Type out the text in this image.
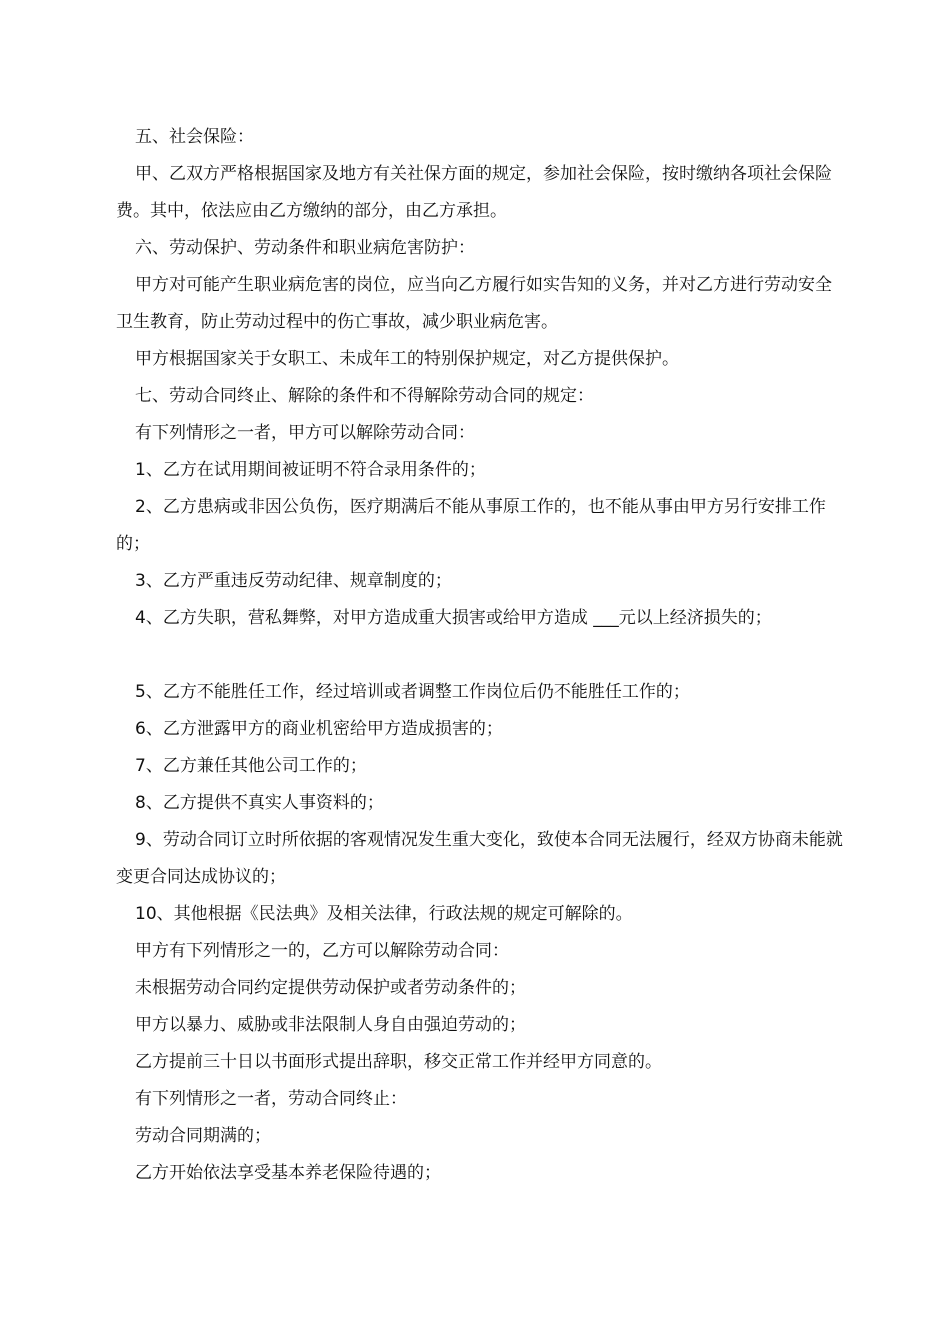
五、社会保险：

甲、乙双方严格根据国家及地方有关社保方面的规定，参加社会保险，按时缴纳各项社会保险费。其中，依法应由乙方缴纳的部分，由乙方承担。

六、劳动保护、劳动条件和职业病危害防护：

甲方对可能产生职业病危害的岗位，应当向乙方履行如实告知的义务，并对乙方进行劳动安全卫生教育，防止劳动过程中的伤亡事故，减少职业病危害。

甲方根据国家关于女职工、未成年工的特别保护规定，对乙方提供保护。

七、劳动合同终止、解除的条件和不得解除劳动合同的规定：

有下列情形之一者，甲方可以解除劳动合同：

1、乙方在试用期间被证明不符合录用条件的；

2、乙方患病或非因公负伤，医疗期满后不能从事原工作的，也不能从事由甲方另行安排工作的；

3、乙方严重违反劳动纪律、规章制度的；

4、乙方失职，营私舞弊，对甲方造成重大损害或给甲方造成 ___元以上经济损失的；

5、乙方不能胜任工作，经过培训或者调整工作岗位后仍不能胜任工作的；

6、乙方泄露甲方的商业机密给甲方造成损害的；

7、乙方兼任其他公司工作的；

8、乙方提供不真实人事资料的；

9、劳动合同订立时所依据的客观情况发生重大变化，致使本合同无法履行，经双方协商未能就变更合同达成协议的；

10、其他根据《民法典》及相关法律，行政法规的规定可解除的。

甲方有下列情形之一的，乙方可以解除劳动合同：

未根据劳动合同约定提供劳动保护或者劳动条件的；

甲方以暴力、威胁或非法限制人身自由强迫劳动的；

乙方提前三十日以书面形式提出辞职，移交正常工作并经甲方同意的。

有下列情形之一者，劳动合同终止：

劳动合同期满的；

乙方开始依法享受基本养老保险待遇的；
